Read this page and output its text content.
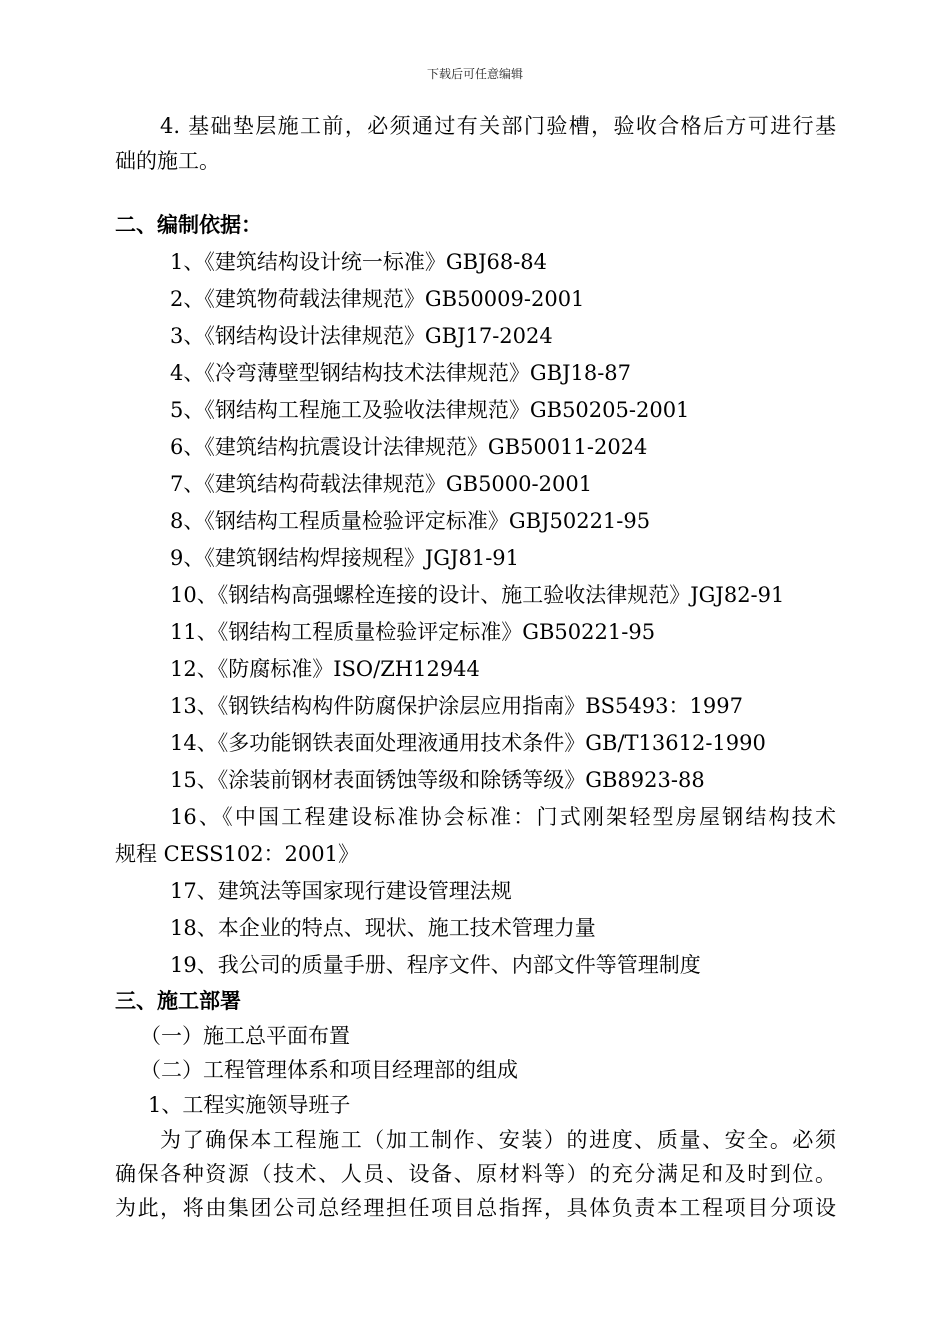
下载后可任意编辑
4. 基础垫层施工前，必须通过有关部门验槽，验收合格后方可进行基
础的施工。
二、编制依据：
1、《建筑结构设计统一标准》GBJ68-84
2、《建筑物荷载法律规范》GB50009-2001
3、《钢结构设计法律规范》GBJ17-2024
4、《冷弯薄壁型钢结构技术法律规范》GBJ18-87
5、《钢结构工程施工及验收法律规范》GB50205-2001
6、《建筑结构抗震设计法律规范》GB50011-2024
7、《建筑结构荷载法律规范》GB5000-2001
8、《钢结构工程质量检验评定标准》GBJ50221-95
9、《建筑钢结构焊接规程》JGJ81-91
10、《钢结构高强螺栓连接的设计、施工验收法律规范》JGJ82-91
11、《钢结构工程质量检验评定标准》GB50221-95
12、《防腐标准》ISO/ZH12944
13、《钢铁结构构件防腐保护涂层应用指南》BS5493：1997
14、《多功能钢铁表面处理液通用技术条件》GB/T13612-1990
15、《涂装前钢材表面锈蚀等级和除锈等级》GB8923-88
16、《中国工程建设标准协会标准：门式刚架轻型房屋钢结构技术
规程 CESS102：2001》
17、建筑法等国家现行建设管理法规
18、本企业的特点、现状、施工技术管理力量
19、我公司的质量手册、程序文件、内部文件等管理制度
三、施工部署
（一）施工总平面布置
（二）工程管理体系和项目经理部的组成
1、工程实施领导班子
为了确保本工程施工（加工制作、安装）的进度、质量、安全。必须
确保各种资源（技术、人员、设备、原材料等）的充分满足和及时到位。
为此，将由集团公司总经理担任项目总指挥，具体负责本工程项目分项设
